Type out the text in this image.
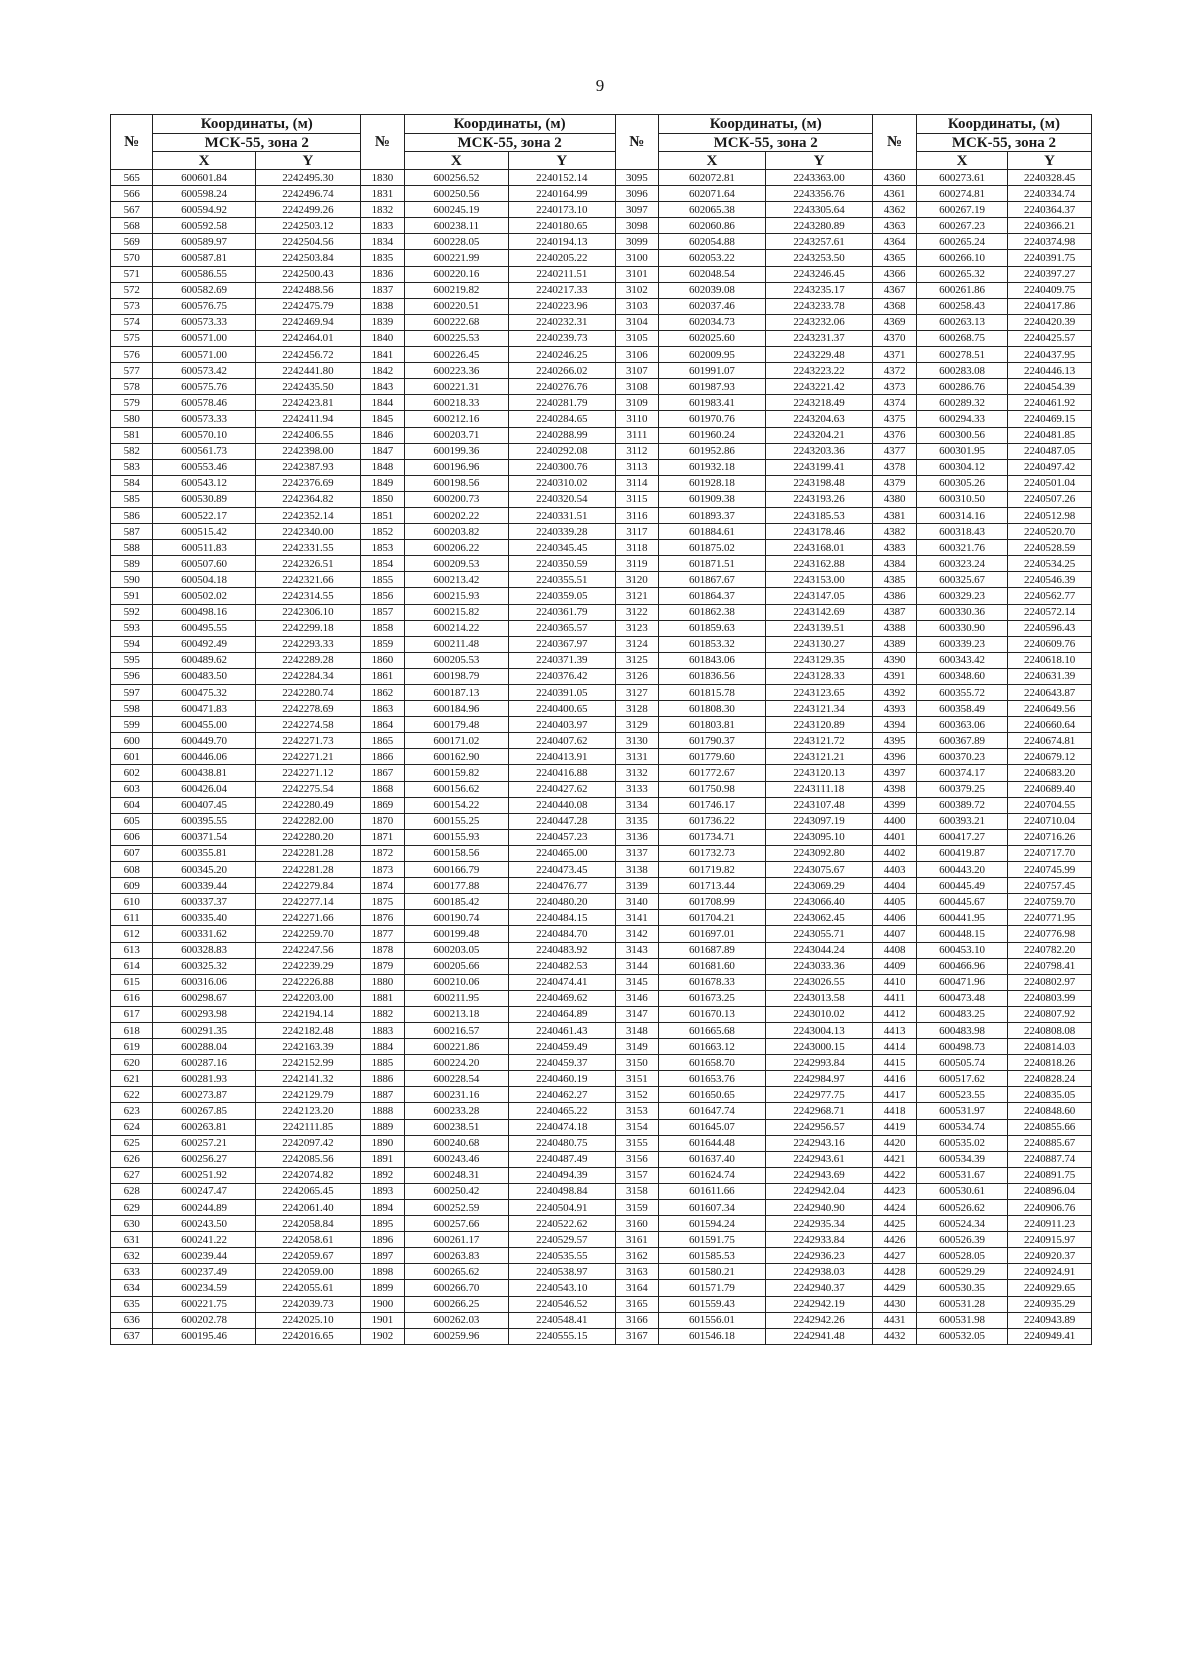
9
№	Координаты, (м)		№	Координаты, (м)		№	Координаты, (м)		№	Координаты, (м)	
	МСК-55, зона 2			МСК-55, зона 2			МСК-55, зона 2			МСК-55, зона 2	
	X	Y		X	Y		X	Y		X	Y
565	600601.84	2242495.30	1830	600256.52	2240152.14	3095	602072.81	2243363.00	4360	600273.61	2240328.45
566	600598.24	2242496.74	1831	600250.56	2240164.99	3096	602071.64	2243356.76	4361	600274.81	2240334.74
567	600594.92	2242499.26	1832	600245.19	2240173.10	3097	602065.38	2243305.64	4362	600267.19	2240364.37
568	600592.58	2242503.12	1833	600238.11	2240180.65	3098	602060.86	2243280.89	4363	600267.23	2240366.21
569	600589.97	2242504.56	1834	600228.05	2240194.13	3099	602054.88	2243257.61	4364	600265.24	2240374.98
570	600587.81	2242503.84	1835	600221.99	2240205.22	3100	602053.22	2243253.50	4365	600266.10	2240391.75
571	600586.55	2242500.43	1836	600220.16	2240211.51	3101	602048.54	2243246.45	4366	600265.32	2240397.27
572	600582.69	2242488.56	1837	600219.82	2240217.33	3102	602039.08	2243235.17	4367	600261.86	2240409.75
573	600576.75	2242475.79	1838	600220.51	2240223.96	3103	602037.46	2243233.78	4368	600258.43	2240417.86
574	600573.33	2242469.94	1839	600222.68	2240232.31	3104	602034.73	2243232.06	4369	600263.13	2240420.39
575	600571.00	2242464.01	1840	600225.53	2240239.73	3105	602025.60	2243231.37	4370	600268.75	2240425.57
576	600571.00	2242456.72	1841	600226.45	2240246.25	3106	602009.95	2243229.48	4371	600278.51	2240437.95
577	600573.42	2242441.80	1842	600223.36	2240266.02	3107	601991.07	2243223.22	4372	600283.08	2240446.13
578	600575.76	2242435.50	1843	600221.31	2240276.76	3108	601987.93	2243221.42	4373	600286.76	2240454.39
579	600578.46	2242423.81	1844	600218.33	2240281.79	3109	601983.41	2243218.49	4374	600289.32	2240461.92
580	600573.33	2242411.94	1845	600212.16	2240284.65	3110	601970.76	2243204.63	4375	600294.33	2240469.15
581	600570.10	2242406.55	1846	600203.71	2240288.99	3111	601960.24	2243204.21	4376	600300.56	2240481.85
582	600561.73	2242398.00	1847	600199.36	2240292.08	3112	601952.86	2243203.36	4377	600301.95	2240487.05
583	600553.46	2242387.93	1848	600196.96	2240300.76	3113	601932.18	2243199.41	4378	600304.12	2240497.42
584	600543.12	2242376.69	1849	600198.56	2240310.02	3114	601928.18	2243198.48	4379	600305.26	2240501.04
585	600530.89	2242364.82	1850	600200.73	2240320.54	3115	601909.38	2243193.26	4380	600310.50	2240507.26
586	600522.17	2242352.14	1851	600202.22	2240331.51	3116	601893.37	2243185.53	4381	600314.16	2240512.98
587	600515.42	2242340.00	1852	600203.82	2240339.28	3117	601884.61	2243178.46	4382	600318.43	2240520.70
588	600511.83	2242331.55	1853	600206.22	2240345.45	3118	601875.02	2243168.01	4383	600321.76	2240528.59
589	600507.60	2242326.51	1854	600209.53	2240350.59	3119	601871.51	2243162.88	4384	600323.24	2240534.25
590	600504.18	2242321.66	1855	600213.42	2240355.51	3120	601867.67	2243153.00	4385	600325.67	2240546.39
591	600502.02	2242314.55	1856	600215.93	2240359.05	3121	601864.37	2243147.05	4386	600329.23	2240562.77
592	600498.16	2242306.10	1857	600215.82	2240361.79	3122	601862.38	2243142.69	4387	600330.36	2240572.14
593	600495.55	2242299.18	1858	600214.22	2240365.57	3123	601859.63	2243139.51	4388	600330.90	2240596.43
594	600492.49	2242293.33	1859	600211.48	2240367.97	3124	601853.32	2243130.27	4389	600339.23	2240609.76
595	600489.62	2242289.28	1860	600205.53	2240371.39	3125	601843.06	2243129.35	4390	600343.42	2240618.10
596	600483.50	2242284.34	1861	600198.79	2240376.42	3126	601836.56	2243128.33	4391	600348.60	2240631.39
597	600475.32	2242280.74	1862	600187.13	2240391.05	3127	601815.78	2243123.65	4392	600355.72	2240643.87
598	600471.83	2242278.69	1863	600184.96	2240400.65	3128	601808.30	2243121.34	4393	600358.49	2240649.56
599	600455.00	2242274.58	1864	600179.48	2240403.97	3129	601803.81	2243120.89	4394	600363.06	2240660.64
600	600449.70	2242271.73	1865	600171.02	2240407.62	3130	601790.37	2243121.72	4395	600367.89	2240674.81
601	600446.06	2242271.21	1866	600162.90	2240413.91	3131	601779.60	2243121.21	4396	600370.23	2240679.12
602	600438.81	2242271.12	1867	600159.82	2240416.88	3132	601772.67	2243120.13	4397	600374.17	2240683.20
603	600426.04	2242275.54	1868	600156.62	2240427.62	3133	601750.98	2243111.18	4398	600379.25	2240689.40
604	600407.45	2242280.49	1869	600154.22	2240440.08	3134	601746.17	2243107.48	4399	600389.72	2240704.55
605	600395.55	2242282.00	1870	600155.25	2240447.28	3135	601736.22	2243097.19	4400	600393.21	2240710.04
606	600371.54	2242280.20	1871	600155.93	2240457.23	3136	601734.71	2243095.10	4401	600417.27	2240716.26
607	600355.81	2242281.28	1872	600158.56	2240465.00	3137	601732.73	2243092.80	4402	600419.87	2240717.70
608	600345.20	2242281.28	1873	600166.79	2240473.45	3138	601719.82	2243075.67	4403	600443.20	2240745.99
609	600339.44	2242279.84	1874	600177.88	2240476.77	3139	601713.44	2243069.29	4404	600445.49	2240757.45
610	600337.37	2242277.14	1875	600185.42	2240480.20	3140	601708.99	2243066.40	4405	600445.67	2240759.70
611	600335.40	2242271.66	1876	600190.74	2240484.15	3141	601704.21	2243062.45	4406	600441.95	2240771.95
612	600331.62	2242259.70	1877	600199.48	2240484.70	3142	601697.01	2243055.71	4407	600448.15	2240776.98
613	600328.83	2242247.56	1878	600203.05	2240483.92	3143	601687.89	2243044.24	4408	600453.10	2240782.20
614	600325.32	2242239.29	1879	600205.66	2240482.53	3144	601681.60	2243033.36	4409	600466.96	2240798.41
615	600316.06	2242226.88	1880	600210.06	2240474.41	3145	601678.33	2243026.55	4410	600471.96	2240802.97
616	600298.67	2242203.00	1881	600211.95	2240469.62	3146	601673.25	2243013.58	4411	600473.48	2240803.99
617	600293.98	2242194.14	1882	600213.18	2240464.89	3147	601670.13	2243010.02	4412	600483.25	2240807.92
618	600291.35	2242182.48	1883	600216.57	2240461.43	3148	601665.68	2243004.13	4413	600483.98	2240808.08
619	600288.04	2242163.39	1884	600221.86	2240459.49	3149	601663.12	2243000.15	4414	600498.73	2240814.03
620	600287.16	2242152.99	1885	600224.20	2240459.37	3150	601658.70	2242993.84	4415	600505.74	2240818.26
621	600281.93	2242141.32	1886	600228.54	2240460.19	3151	601653.76	2242984.97	4416	600517.62	2240828.24
622	600273.87	2242129.79	1887	600231.16	2240462.27	3152	601650.65	2242977.75	4417	600523.55	2240835.05
623	600267.85	2242123.20	1888	600233.28	2240465.22	3153	601647.74	2242968.71	4418	600531.97	2240848.60
624	600263.81	2242111.85	1889	600238.51	2240474.18	3154	601645.07	2242956.57	4419	600534.74	2240855.66
625	600257.21	2242097.42	1890	600240.68	2240480.75	3155	601644.48	2242943.16	4420	600535.02	2240885.67
626	600256.27	2242085.56	1891	600243.46	2240487.49	3156	601637.40	2242943.61	4421	600534.39	2240887.74
627	600251.92	2242074.82	1892	600248.31	2240494.39	3157	601624.74	2242943.69	4422	600531.67	2240891.75
628	600247.47	2242065.45	1893	600250.42	2240498.84	3158	601611.66	2242942.04	4423	600530.61	2240896.04
629	600244.89	2242061.40	1894	600252.59	2240504.91	3159	601607.34	2242940.90	4424	600526.62	2240906.76
630	600243.50	2242058.84	1895	600257.66	2240522.62	3160	601594.24	2242935.34	4425	600524.34	2240911.23
631	600241.22	2242058.61	1896	600261.17	2240529.57	3161	601591.75	2242933.84	4426	600526.39	2240915.97
632	600239.44	2242059.67	1897	600263.83	2240535.55	3162	601585.53	2242936.23	4427	600528.05	2240920.37
633	600237.49	2242059.00	1898	600265.62	2240538.97	3163	601580.21	2242938.03	4428	600529.29	2240924.91
634	600234.59	2242055.61	1899	600266.70	2240543.10	3164	601571.79	2242940.37	4429	600530.35	2240929.65
635	600221.75	2242039.73	1900	600266.25	2240546.52	3165	601559.43	2242942.19	4430	600531.28	2240935.29
636	600202.78	2242025.10	1901	600262.03	2240548.41	3166	601556.01	2242942.26	4431	600531.98	2240943.89
637	600195.46	2242016.65	1902	600259.96	2240555.15	3167	601546.18	2242941.48	4432	600532.05	2240949.41
